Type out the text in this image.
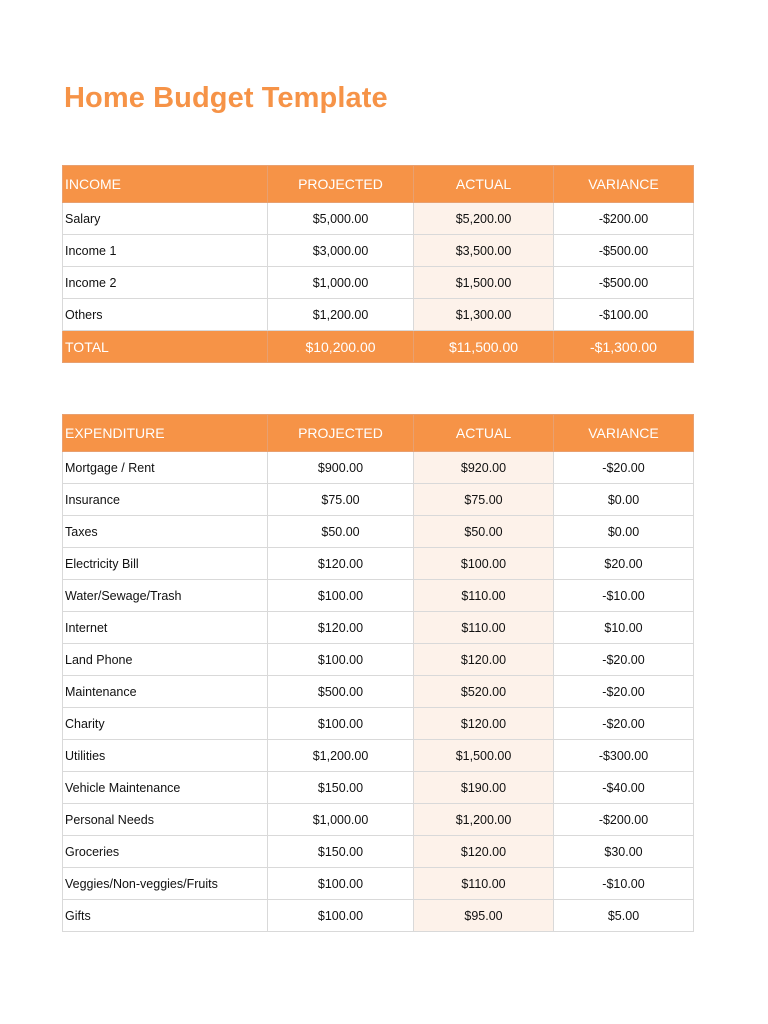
Home Budget Template
INCOME	PROJECTED	ACTUAL	VARIANCE
Salary	$5,000.00	$5,200.00	-$200.00
Income 1	$3,000.00	$3,500.00	-$500.00
Income 2	$1,000.00	$1,500.00	-$500.00
Others	$1,200.00	$1,300.00	-$100.00
TOTAL	$10,200.00	$11,500.00	-$1,300.00
EXPENDITURE	PROJECTED	ACTUAL	VARIANCE
Mortgage / Rent	$900.00	$920.00	-$20.00
Insurance	$75.00	$75.00	$0.00
Taxes	$50.00	$50.00	$0.00
Electricity Bill	$120.00	$100.00	$20.00
Water/Sewage/Trash	$100.00	$110.00	-$10.00
Internet	$120.00	$110.00	$10.00
Land Phone	$100.00	$120.00	-$20.00
Maintenance	$500.00	$520.00	-$20.00
Charity	$100.00	$120.00	-$20.00
Utilities	$1,200.00	$1,500.00	-$300.00
Vehicle Maintenance	$150.00	$190.00	-$40.00
Personal Needs	$1,000.00	$1,200.00	-$200.00
Groceries	$150.00	$120.00	$30.00
Veggies/Non-veggies/Fruits	$100.00	$110.00	-$10.00
Gifts	$100.00	$95.00	$5.00
